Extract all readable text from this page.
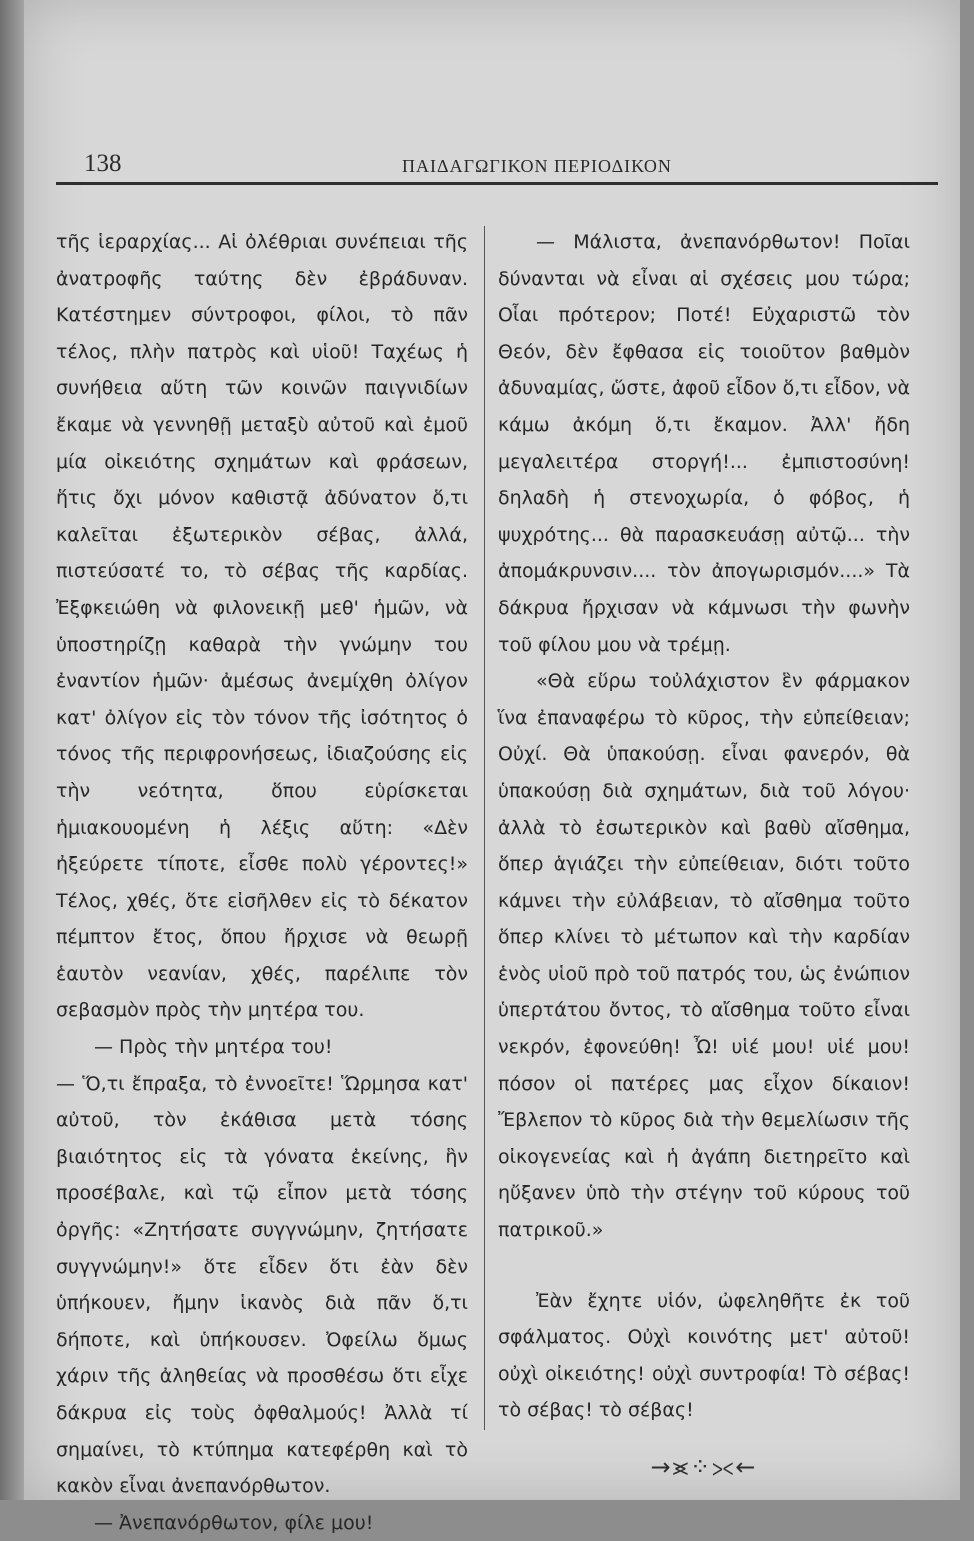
138	ΠΑΙΔΑΓΩΓΙΚΟΝ ΠΕΡΙΟΔΙΚΟΝ

τῆς ἱεραρχίας... Αἱ ὀλέθριαι συνέπειαι τῆς ἀνατροφῆς ταύτης δὲν ἐβράδυναν. Κατέστημεν σύντροφοι, φίλοι, τὸ πᾶν τέλος, πλὴν πατρὸς καὶ υἱοῦ! Ταχέως ἡ συνήθεια αὕτη τῶν κοινῶν παιγνιδίων ἔκαμε νὰ γεννηθῇ μεταξὺ αὐτοῦ καὶ ἐμοῦ μία οἰκειότης σχημάτων καὶ φράσεων, ἥτις ὄχι μόνον καθιστᾷ ἀδύνατον ὅ,τι καλεῖται ἐξωτερικὸν σέβας, ἀλλά, πιστεύσατέ το, τὸ σέβας τῆς καρδίας. Ἐξφκειώθη νὰ φιλονεικῇ μεθ' ἡμῶν, νὰ ὑποστηρίζῃ καθαρὰ τὴν γνώμην του ἐναντίον ἡμῶν· ἀμέσως ἀνεμίχθη ὀλίγον κατ' ὀλίγον εἰς τὸν τόνον τῆς ἰσότητος ὁ τόνος τῆς περιφρονήσεως, ἰδιαζούσης εἰς τὴν νεότητα, ὅπου εὑρίσκεται ἡμιακουομένη ἡ λέξις αὕτη: «Δὲν ἠξεύρετε τίποτε, εἶσθε πολὺ γέροντες!» Τέλος, χθές, ὅτε εἰσῆλθεν εἰς τὸ δέκατον πέμπτον ἔτος, ὅπου ἤρχισε νὰ θεωρῇ ἑαυτὸν νεανίαν, χθές, παρέλιπε τὸν σεβασμὸν πρὸς τὴν μητέρα του.

— Πρὸς τὴν μητέρα του!

— Ὅ,τι ἔπραξα, τὸ ἐννοεῖτε! Ὥρμησα κατ' αὐτοῦ, τὸν ἐκάθισα μετὰ τόσης βιαιότητος εἰς τὰ γόνατα ἐκείνης, ἣν προσέβαλε, καὶ τῷ εἶπον μετὰ τόσης ὀργῆς: «Ζητήσατε συγγνώμην, ζητήσατε συγγνώμην!» ὅτε εἶδεν ὅτι ἐὰν δὲν ὑπήκουεν, ἤμην ἱκανὸς διὰ πᾶν ὅ,τι δήποτε, καὶ ὑπήκουσεν. Ὀφείλω ὅμως χάριν τῆς ἀληθείας νὰ προσθέσω ὅτι εἶχε δάκρυα εἰς τοὺς ὀφθαλμούς! Ἀλλὰ τί σημαίνει, τὸ κτύπημα κατεφέρθη καὶ τὸ κακὸν εἶναι ἀνεπανόρθωτον.

— Ἀνεπανόρθωτον, φίλε μου!

— Μάλιστα, ἀνεπανόρθωτον! Ποῖαι δύνανται νὰ εἶναι αἱ σχέσεις μου τώρα; Οἷαι πρότερον; Ποτέ! Εὐχαριστῶ τὸν Θεόν, δὲν ἔφθασα εἰς τοιοῦτον βαθμὸν ἀδυναμίας, ὥστε, ἀφοῦ εἶδον ὅ,τι εἶδον, νὰ κάμω ἀκόμη ὅ,τι ἔκαμον. Ἀλλ' ἤδη μεγαλειτέρα στοργή!... ἐμπιστοσύνη! δηλαδὴ ἡ στενοχωρία, ὁ φόβος, ἡ ψυχρότης... θὰ παρασκευάσῃ αὐτῷ... τὴν ἀπομάκρυνσιν.... τὸν ἀπογωρισμόν....» Τὰ δάκρυα ἤρχισαν νὰ κάμνωσι τὴν φωνὴν τοῦ φίλου μου νὰ τρέμῃ.

«Θὰ εὕρω τοὐλάχιστον ἓν φάρμακον ἵνα ἐπαναφέρω τὸ κῦρος, τὴν εὐπείθειαν; Οὐχί. Θὰ ὑπακούσῃ. εἶναι φανερόν, θὰ ὑπακούσῃ διὰ σχημάτων, διὰ τοῦ λόγου· ἀλλὰ τὸ ἐσωτερικὸν καὶ βαθὺ αἴσθημα, ὅπερ ἁγιάζει τὴν εὐπείθειαν, διότι τοῦτο κάμνει τὴν εὐλάβειαν, τὸ αἴσθημα τοῦτο ὅπερ κλίνει τὸ μέτωπον καὶ τὴν καρδίαν ἑνὸς υἱοῦ πρὸ τοῦ πατρός του, ὡς ἐνώπιον ὑπερτάτου ὄντος, τὸ αἴσθημα τοῦτο εἶναι νεκρόν, ἐφονεύθη! Ὦ! υἱέ μου! υἱέ μου! πόσον οἱ πατέρες μας εἶχον δίκαιον! Ἔβλεπον τὸ κῦρος διὰ τὴν θεμελίωσιν τῆς οἰκογενείας καὶ ἡ ἀγάπη διετηρεῖτο καὶ ηὔξανεν ὑπὸ τὴν στέγην τοῦ κύρους τοῦ πατρικοῦ.»

Ἐὰν ἔχητε υἱόν, ὠφεληθῆτε ἐκ τοῦ σφάλματος. Οὐχὶ κοινότης μετ' αὐτοῦ! οὐχὶ οἰκειότης! οὐχὶ συντροφία! Τὸ σέβας! τὸ σέβας! τὸ σέβας!

→⪤⁘⪥←
